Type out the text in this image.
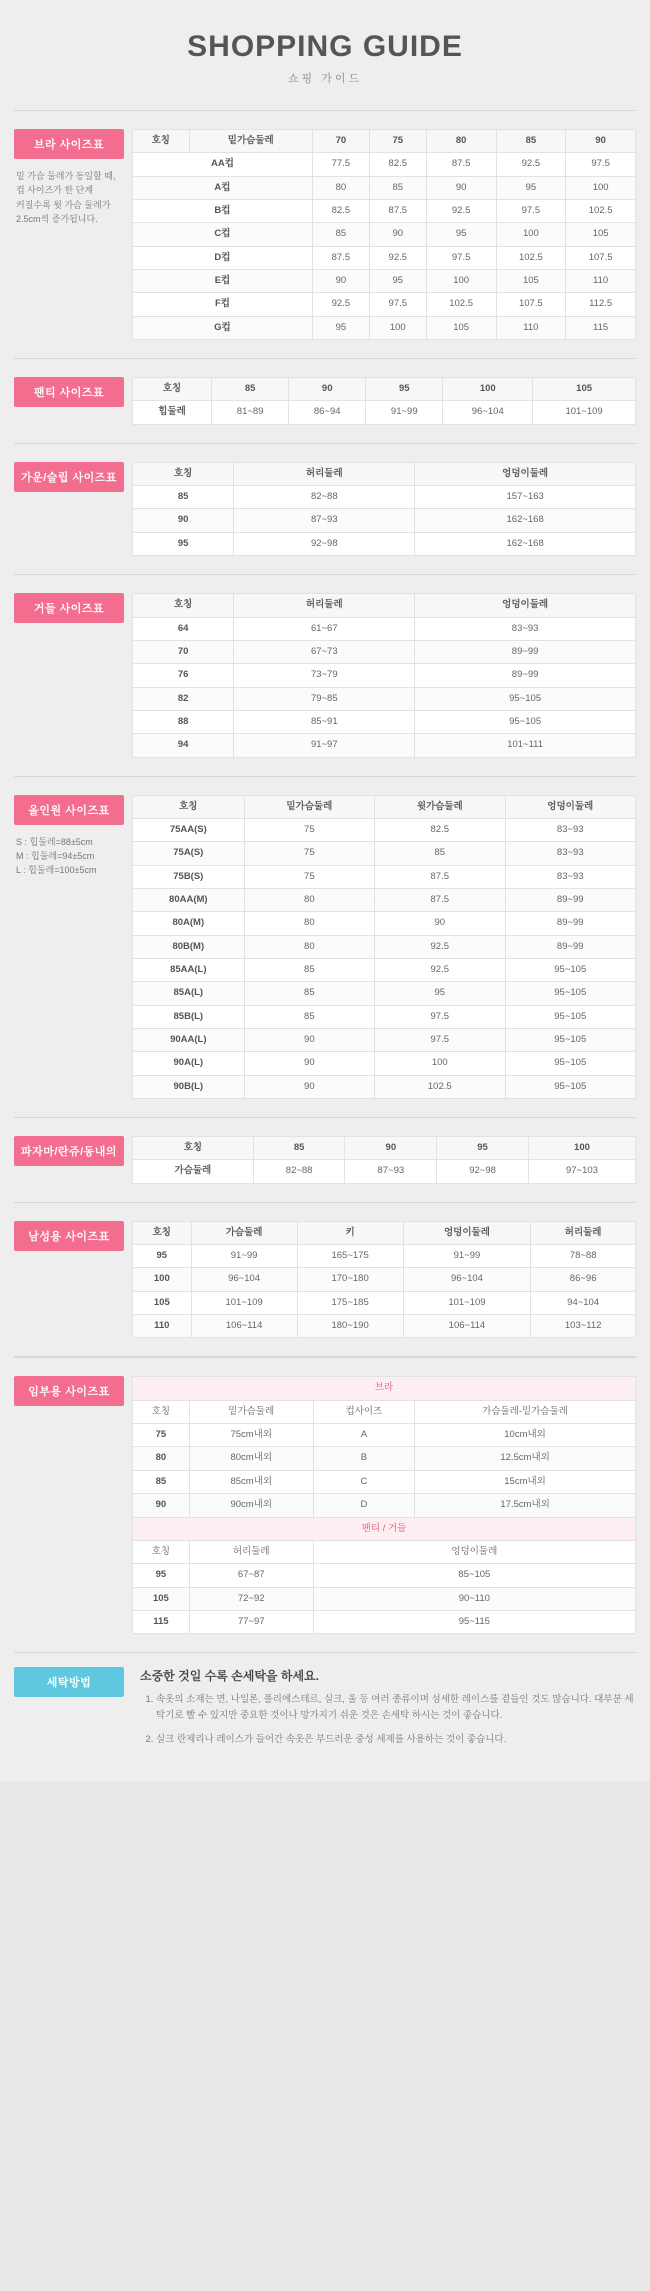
SHOPPING GUIDE
쇼핑 가이드
브라 사이즈표
밑 가슴 둘레가 동일할 때,
컵 사이즈가 한 단계
커질수록 윗 가슴 둘레가
2.5cm씩 증가됩니다.
호칭	밑가슴둘레	70	75	80	85	90
AA컵		77.5	82.5	87.5	92.5	97.5
A컵		80	85	90	95	100
B컵		82.5	87.5	92.5	97.5	102.5
C컵		85	90	95	100	105
D컵		87.5	92.5	97.5	102.5	107.5
E컵		90	95	100	105	110
F컵		92.5	97.5	102.5	107.5	112.5
G컵		95	100	105	110	115
팬티 사이즈표	호칭	85	90	95	100	105
힙둘레	81~89	86~94	91~99	96~104	101~109
가운/슬립 사이즈표	호칭	허리둘레	엉덩이둘레
85	82~88	157~163
90	87~93	162~168
95	92~98	162~168
거들 사이즈표	호칭	허리둘레	엉덩이둘레
64	61~67	83~93
70	67~73	89~99
76	73~79	89~99
82	79~85	95~105
88	85~91	95~105
94	91~97	101~111
올인원 사이즈표
S : 힙둘레=88±5cm
M : 힙둘레=94±5cm
L : 힙둘레=100±5cm
호칭	밑가슴둘레	윗가슴둘레	엉덩이둘레
75AA(S)	75	82.5	83~93
75A(S)	75	85	83~93
75B(S)	75	87.5	83~93
80AA(M)	80	87.5	89~99
80A(M)	80	90	89~99
80B(M)	80	92.5	89~99
85AA(L)	85	92.5	95~105
85A(L)	85	95	95~105
85B(L)	85	97.5	95~105
90AA(L)	90	97.5	95~105
90A(L)	90	100	95~105
90B(L)	90	102.5	95~105
파자마/란쥬/동내의	호칭	85	90	95	100
가슴둘레	82~88	87~93	92~98	97~103
남성용 사이즈표	호칭	가슴둘레	키	엉덩이둘레	허리둘레
95	91~99	165~175	91~99	78~88
100	96~104	170~180	96~104	86~96
105	101~109	175~185	101~109	94~104
110	106~114	180~190	106~114	103~112
임부용 사이즈표	브라			
호칭	밑가슴둘레	컵사이즈	가슴둘레-밑가슴둘레
75	75cm내외	A	10cm내외
80	80cm내외	B	12.5cm내외
85	85cm내외	C	15cm내외
90	90cm내외	D	17.5cm내외
팬티 / 거들			
호칭	허리둘레	엉덩이둘레	
95	67~87	85~105	
105	72~92	90~110	
115	77~97	95~115	
세탁방법	소중한 것일 수록 손세탁을 하세요.
1. 속옷의 소재는 면, 나일론, 폴리에스테르, 실크, 울 등 여러 종류이며 섬세한 레이스를 곁들인 것도 많습니다. 대부분 세탁기로 빨 수 있지만 중요한 것이나 망가지기 쉬운 것은 손세탁 하시는 것이 좋습니다.
2. 실크 란제리나 레이스가 들어간 속옷은 부드러운 중성 세제를 사용하는 것이 좋습니다.
